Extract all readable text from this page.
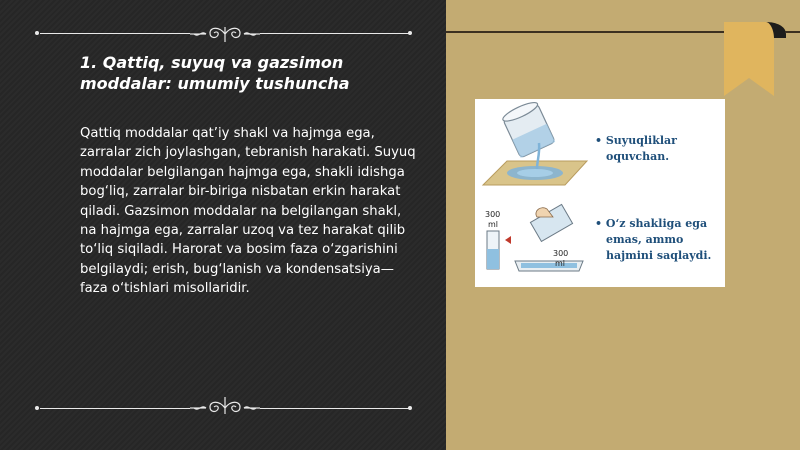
1. Qattiq, suyuq va gazsimon moddalar: umumiy tushuncha

Qattiq moddalar qat’iy shakl va hajmga ega, zarralar zich joylashgan, tebranish harakati. Suyuq moddalar belgilangan hajmga ega, shakli idishga bog‘liq, zarralar bir-biriga nisbatan erkin harakat qiladi. Gazsimon moddalar na belgilangan shakl, na hajmga ega, zarralar uzoq va tez harakat qilib to‘liq siqiladi. Harorat va bosim faza o‘zgarishini belgilaydi; erish, bug‘lanish va kondensatsiya—faza o‘tishlari misollaridir.

• Suyuqliklar
oquvchan.
300
ml
300
ml
• O‘z shakliga ega
emas, ammo
hajmini saqlaydi.
